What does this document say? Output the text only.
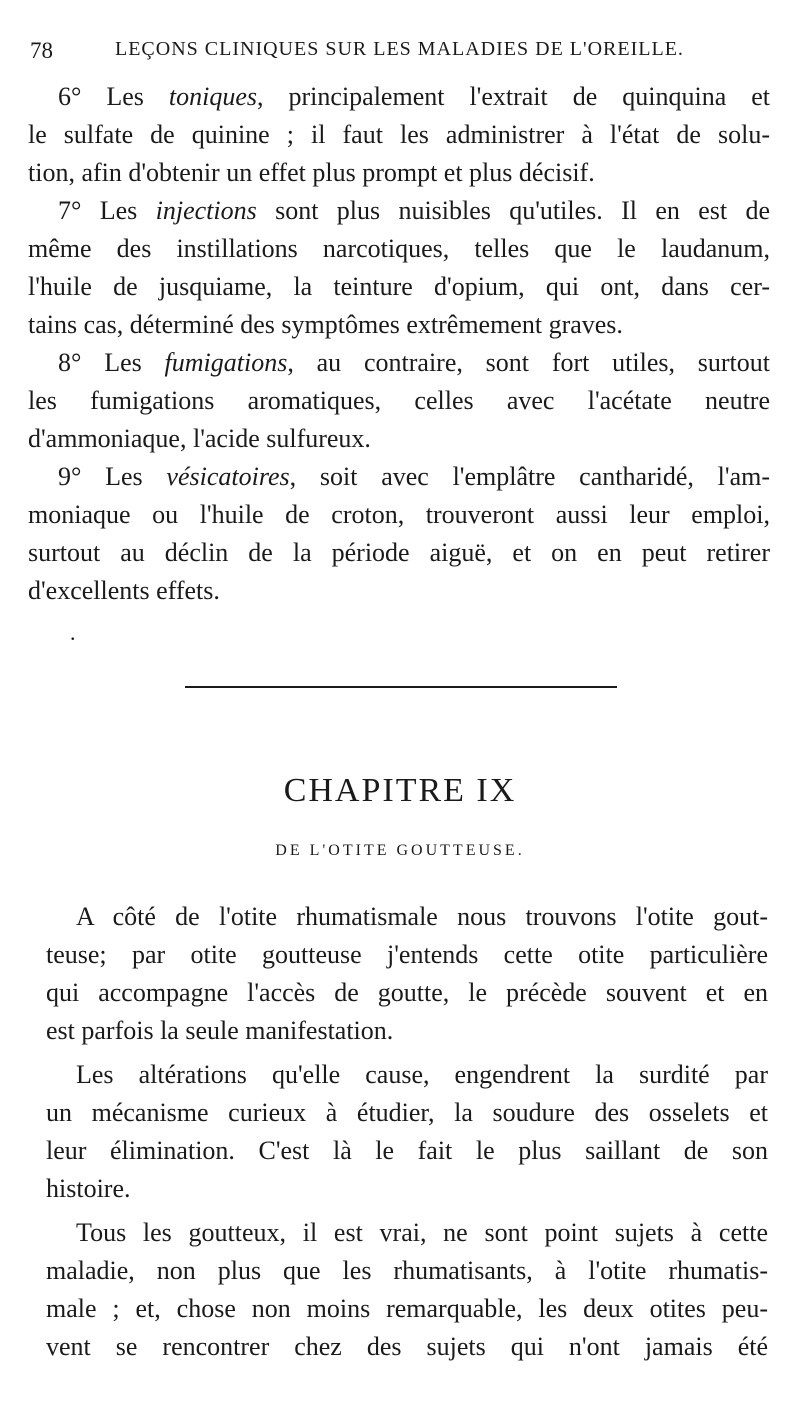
78	LEÇONS CLINIQUES SUR LES MALADIES DE L'OREILLE.
6° Les toniques, principalement l'extrait de quinquina et
le sulfate de quinine ; il faut les administrer à l'état de solu-
tion, afin d'obtenir un effet plus prompt et plus décisif.
7° Les injections sont plus nuisibles qu'utiles. Il en est de
même des instillations narcotiques, telles que le laudanum,
l'huile de jusquiame, la teinture d'opium, qui ont, dans cer-
tains cas, déterminé des symptômes extrêmement graves.
8° Les fumigations, au contraire, sont fort utiles, surtout
les fumigations aromatiques, celles avec l'acétate neutre
d'ammoniaque, l'acide sulfureux.
9° Les vésicatoires, soit avec l'emplâtre cantharidé, l'am-
moniaque ou l'huile de croton, trouveront aussi leur emploi,
surtout au déclin de la période aiguë, et on en peut retirer
d'excellents effets.
.
CHAPITRE IX
DE L'OTITE GOUTTEUSE.
A côté de l'otite rhumatismale nous trouvons l'otite gout-
teuse; par otite goutteuse j'entends cette otite particulière
qui accompagne l'accès de goutte, le précède souvent et en
est parfois la seule manifestation.
Les altérations qu'elle cause, engendrent la surdité par
un mécanisme curieux à étudier, la soudure des osselets et
leur élimination. C'est là le fait le plus saillant de son
histoire.
Tous les goutteux, il est vrai, ne sont point sujets à cette
maladie, non plus que les rhumatisants, à l'otite rhumatis-
male ; et, chose non moins remarquable, les deux otites peu-
vent se rencontrer chez des sujets qui n'ont jamais été
